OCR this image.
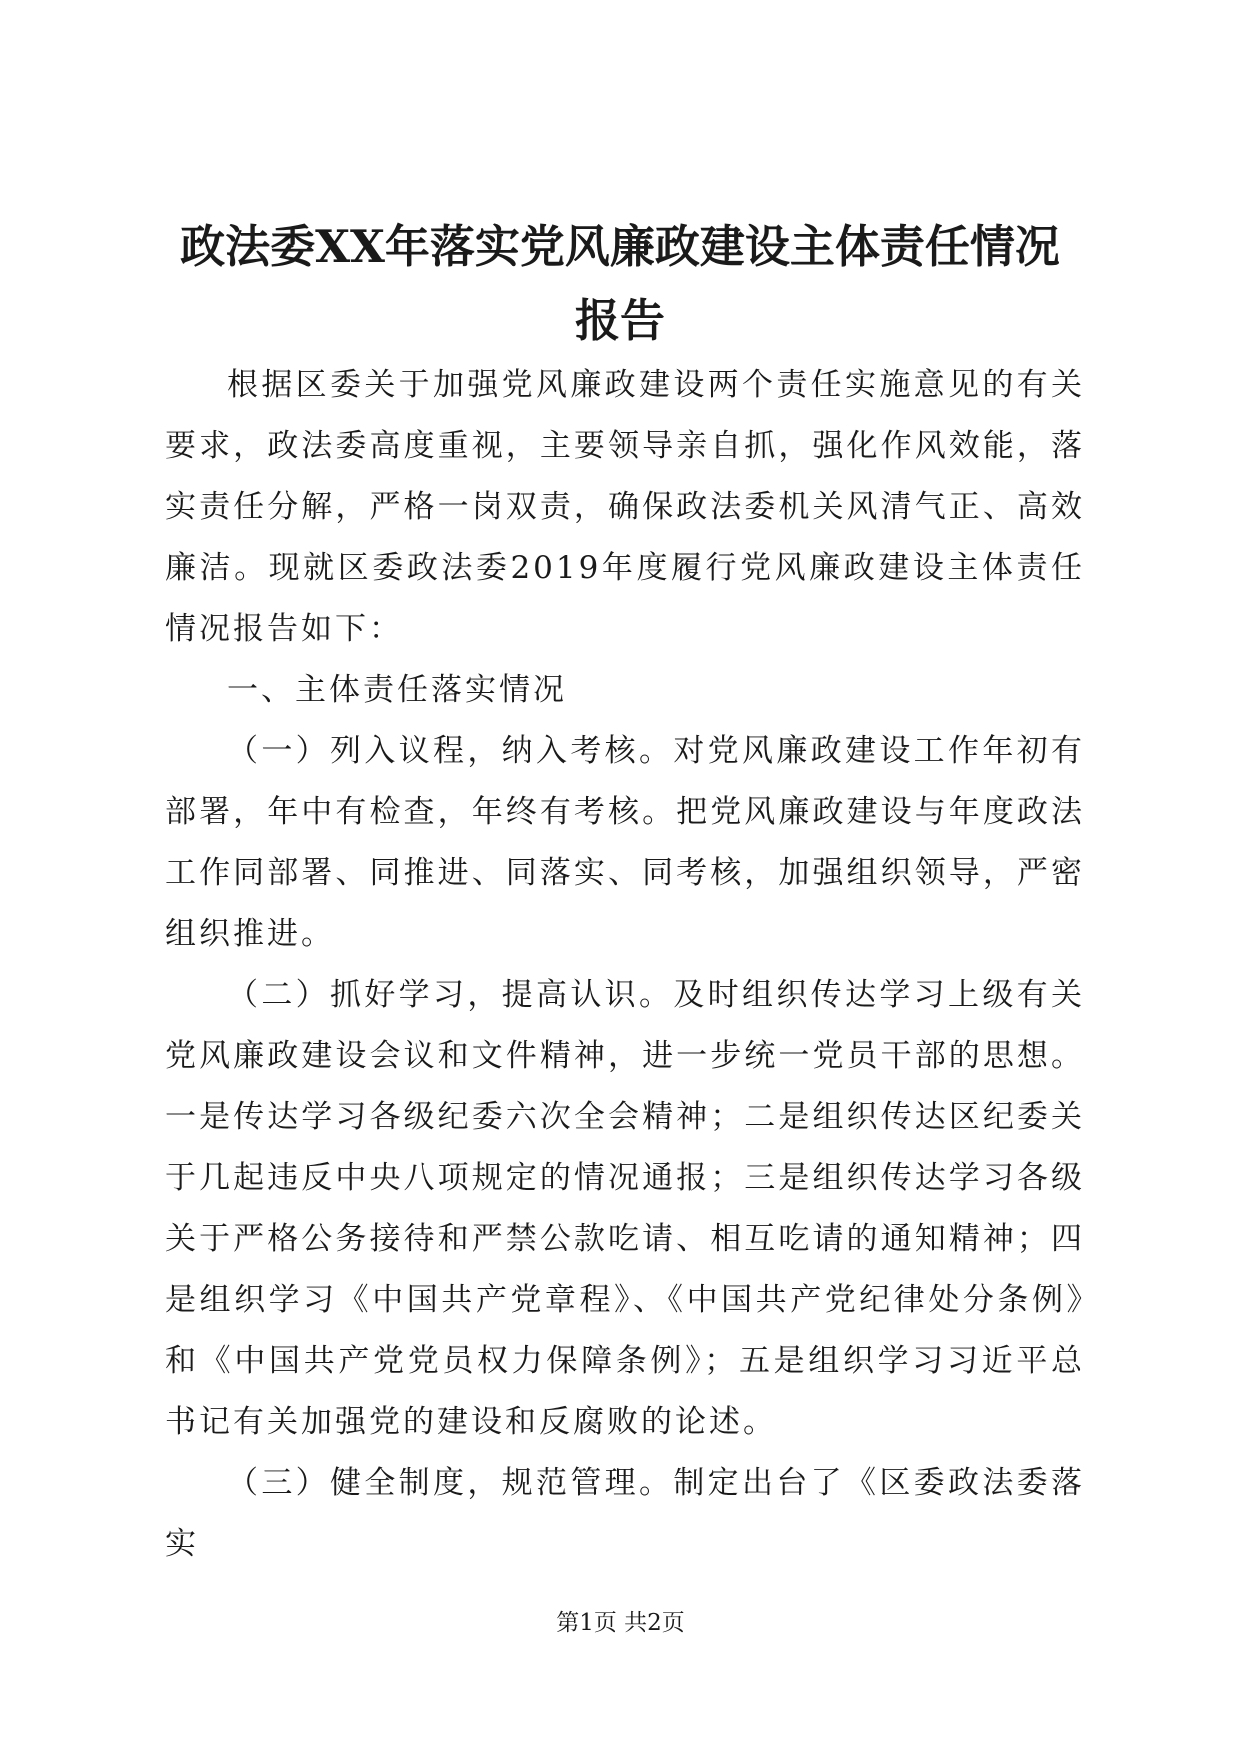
政法委XX年落实党风廉政建设主体责任情况
报告

根据区委关于加强党风廉政建设两个责任实施意见的有关要求，政法委高度重视，主要领导亲自抓，强化作风效能，落实责任分解，严格一岗双责，确保政法委机关风清气正、高效廉洁。现就区委政法委2019年度履行党风廉政建设主体责任情况报告如下：

一、主体责任落实情况

（一）列入议程，纳入考核。对党风廉政建设工作年初有部署，年中有检查，年终有考核。把党风廉政建设与年度政法工作同部署、同推进、同落实、同考核，加强组织领导，严密组织推进。

（二）抓好学习，提高认识。及时组织传达学习上级有关党风廉政建设会议和文件精神，进一步统一党员干部的思想。一是传达学习各级纪委六次全会精神；二是组织传达区纪委关于几起违反中央八项规定的情况通报；三是组织传达学习各级关于严格公务接待和严禁公款吃请、相互吃请的通知精神；四是组织学习《中国共产党章程》、《中国共产党纪律处分条例》和《中国共产党党员权力保障条例》；五是组织学习习近平总书记有关加强党的建设和反腐败的论述。

（三）健全制度，规范管理。制定出台了《区委政法委落实

第1页 共2页
